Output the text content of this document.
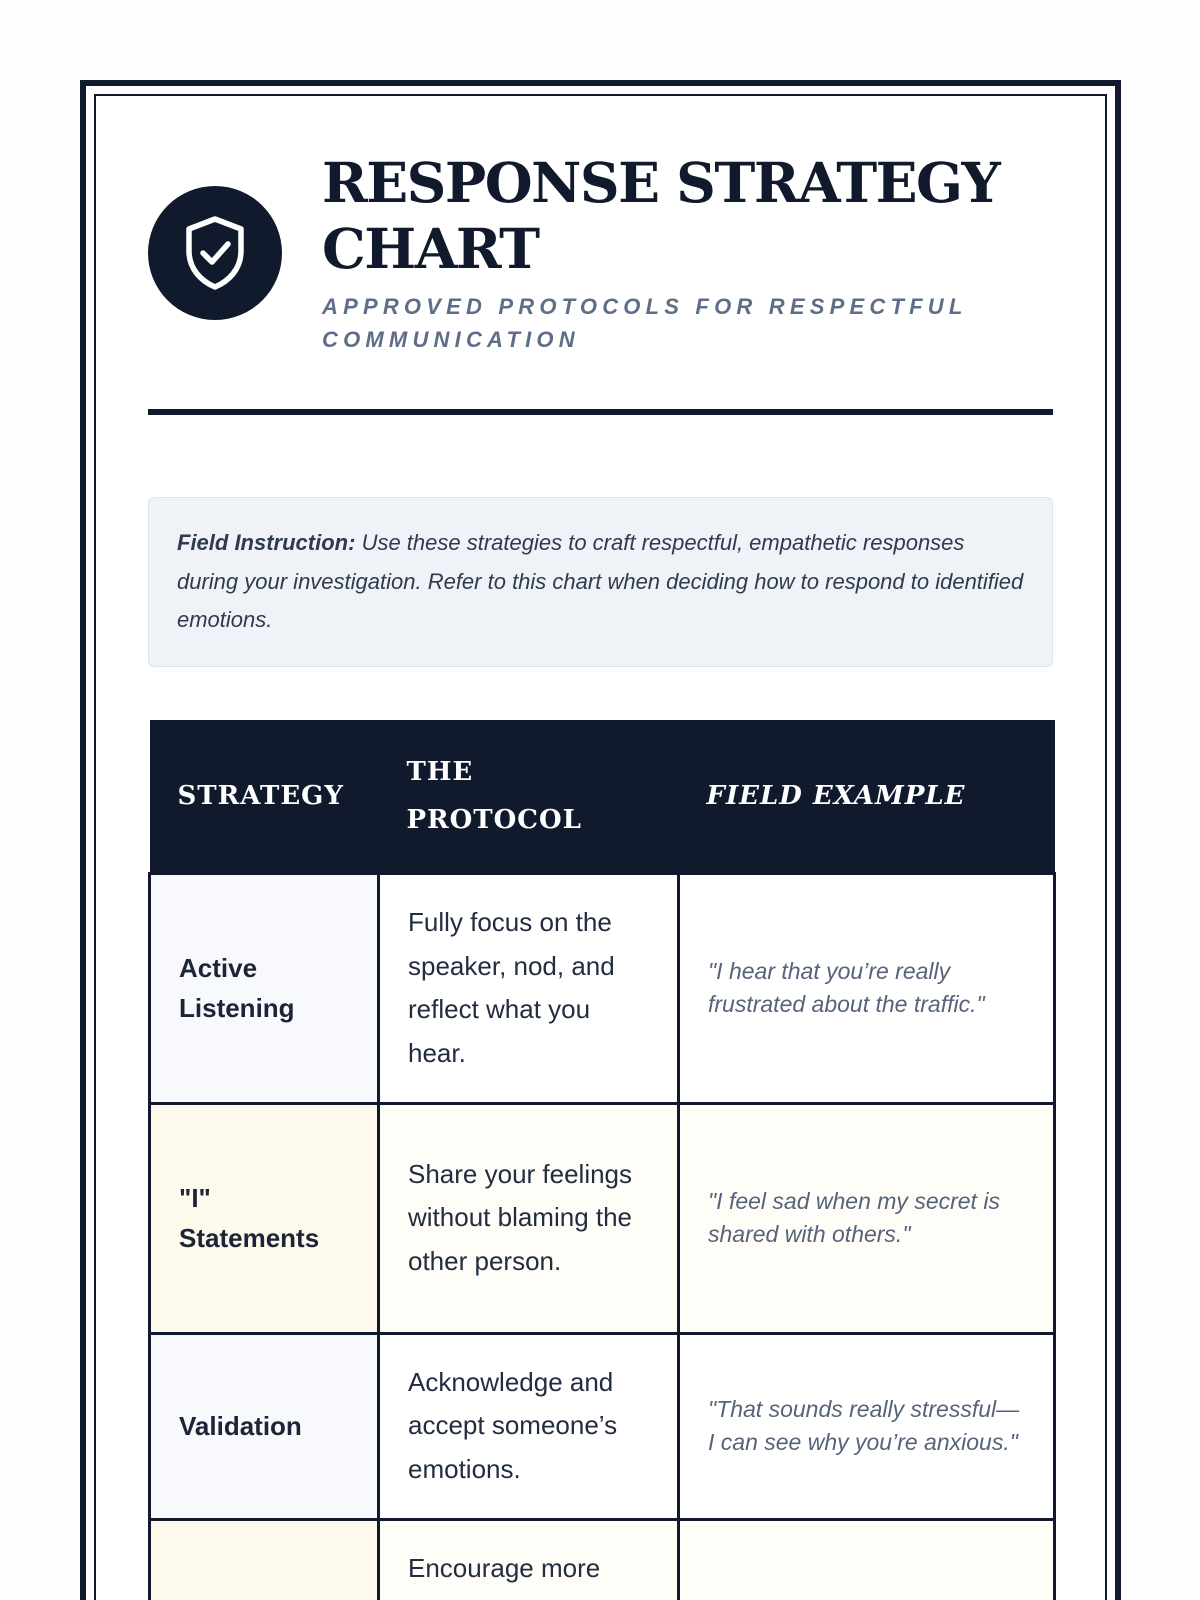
RESPONSE STRATEGY CHART
APPROVED PROTOCOLS FOR RESPECTFUL COMMUNICATION
Field Instruction: Use these strategies to craft respectful, empathetic responses during your investigation. Refer to this chart when deciding how to respond to identified emotions.
STRATEGY	THE PROTOCOL	FIELD EXAMPLE
Active Listening	Fully focus on the speaker, nod, and reflect what you hear.	"I hear that you’re really frustrated about the traffic."
"I" Statements	Share your feelings without blaming the other person.	"I feel sad when my secret is shared with others."
Validation	Acknowledge and accept someone’s emotions.	"That sounds really stressful—I can see why you’re anxious."
	Encourage more	
